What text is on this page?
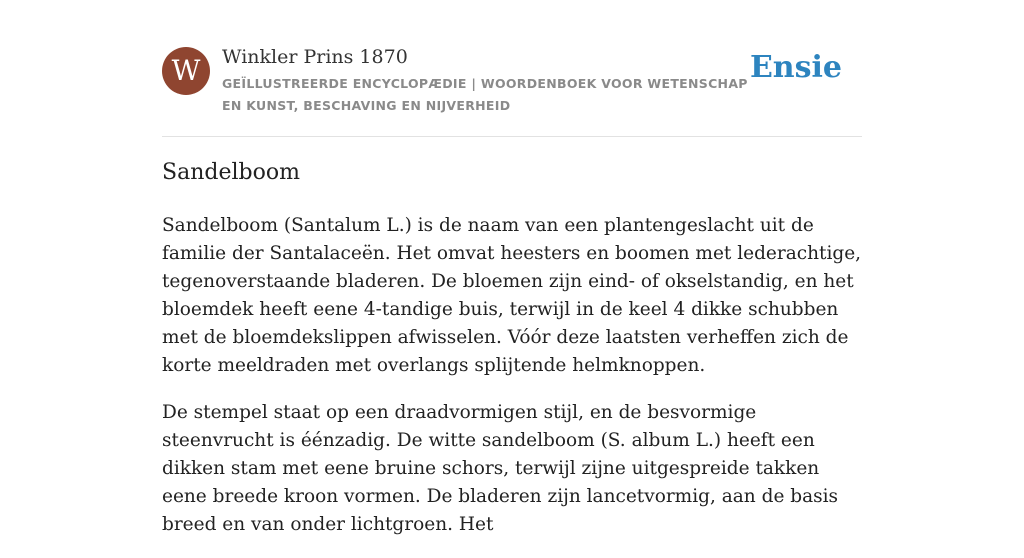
W	Winkler Prins 1870
GEÏLLUSTREERDE ENCYCLOPÆDIE | WOORDENBOEK VOOR WETENSCHAP EN KUNST, BESCHAVING EN NIJVERHEID
Ensie
Sandelboom

Sandelboom (Santalum L.) is de naam van een plantengeslacht uit de familie der Santalaceën. Het omvat heesters en boomen met lederachtige, tegenoverstaande bladeren. De bloemen zijn eind- of okselstandig, en het bloemdek heeft eene 4-tandige buis, terwijl in de keel 4 dikke schubben met de bloemdekslippen afwisselen. Vóór deze laatsten verheffen zich de korte meeldraden met overlangs splijtende helmknoppen.

De stempel staat op een draadvormigen stijl, en de besvormige steenvrucht is éénzadig. De witte sandelboom (S. album L.) heeft een dikken stam met eene bruine schors, terwijl zijne uitgespreide takken eene breede kroon vormen. De bladeren zijn lancetvormig, aan de basis breed en van onder lichtgroen. Het
